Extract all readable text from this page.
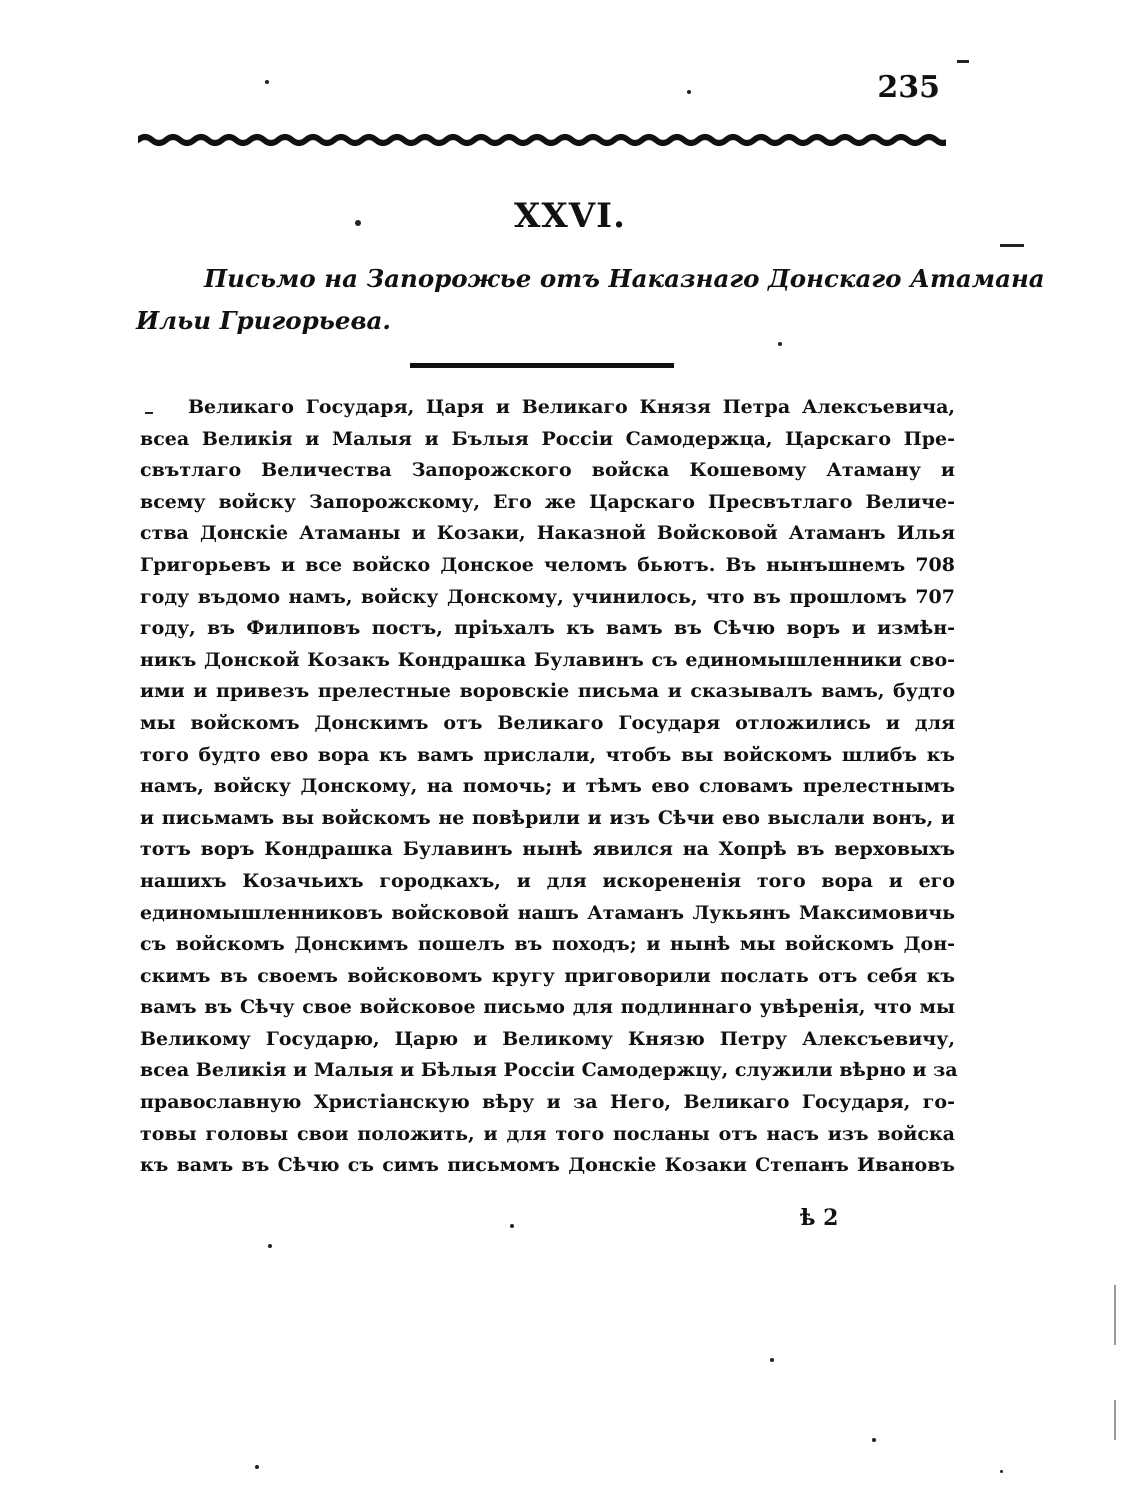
235
XXVI.
Письмо на Запорожье отъ Наказнаго Донскаго Атамана
Ильи Григорьева.
Великаго Государя, Царя и Великаго Князя Петра Алексъевича,
всеа Великія и Малыя и Бълыя Россіи Самодержца, Царскаго Пре-
свътлаго Величества Запорожского войска Кошевому Атаману и
всему войску Запорожскому, Его же Царскаго Пресвътлаго Величе-
ства Донскіе Атаманы и Козаки, Наказной Войсковой Атаманъ Илья
Григорьевъ и все войско Донское челомъ бьютъ. Въ нынъшнемъ 708
году въдомо намъ, войску Донскому, учинилось, что въ прошломъ 707
году, въ Филиповъ постъ, пріъхалъ къ вамъ въ Сѣчю воръ и измѣн-
никъ Донской Козакъ Кондрашка Булавинъ съ единомышленники сво-
ими и привезъ прелестные воровскіе письма и сказывалъ вамъ, будто
мы войскомъ Донскимъ отъ Великаго Государя отложились и для
того будто ево вора къ вамъ прислали, чтобъ вы войскомъ шлибъ къ
намъ, войску Донскому, на помочь; и тѣмъ ево словамъ прелестнымъ
и письмамъ вы войскомъ не повѣрили и изъ Сѣчи ево выслали вонъ, и
тотъ воръ Кондрашка Булавинъ нынѣ явился на Хопрѣ въ верховыхъ
нашихъ Козачьихъ городкахъ, и для искорененія того вора и его
единомышленниковъ войсковой нашъ Атаманъ Лукьянъ Максимовичь
съ войскомъ Донскимъ пошелъ въ походъ; и нынѣ мы войскомъ Дон-
скимъ въ своемъ войсковомъ кругу приговорили послать отъ себя къ
вамъ въ Сѣчу свое войсковое письмо для подлиннаго увѣренія, что мы
Великому Государю, Царю и Великому Князю Петру Алексъевичу,
всеа Великія и Малыя и Бѣлыя Россіи Самодержцу, служили вѣрно и за
православную Христіанскую вѣру и за Него, Великаго Государя, го-
товы головы свои положить, и для того посланы отъ насъ изъ войска
къ вамъ въ Сѣчю съ симъ письмомъ Донскіе Козаки Степанъ Ивановъ
ѣ 2
